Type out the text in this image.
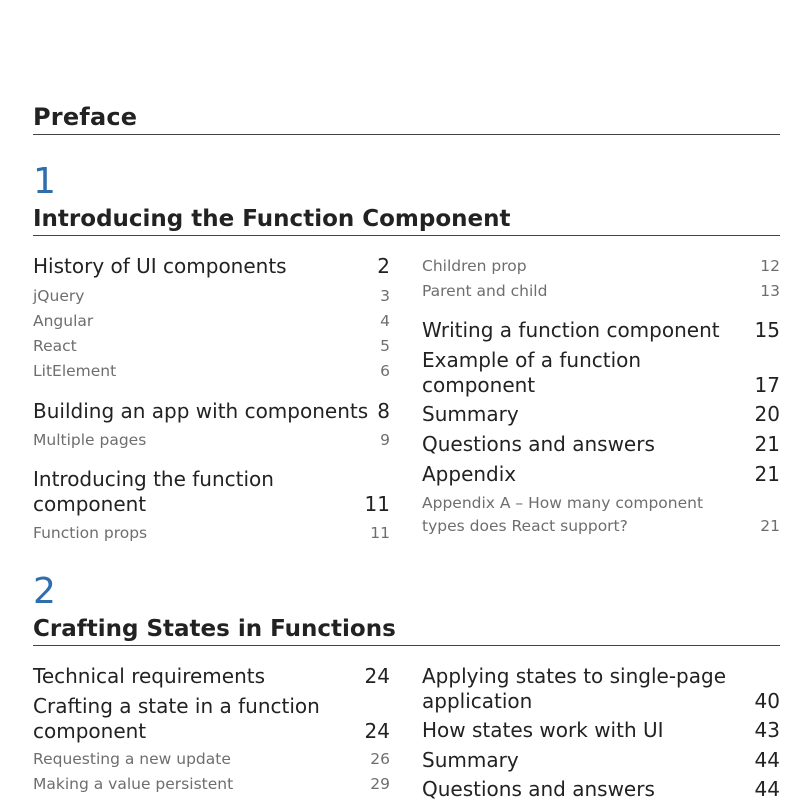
Preface
1
Introducing the Function Component
History of UI components	2
jQuery	3
Angular	4
React	5
LitElement	6
Building an app with components 8
Multiple pages	9
Introducing the function component	11
Function props	11
Children prop	12
Parent and child	13
Writing a function component 15
Example of a function component	17
Summary	20
Questions and answers	21
Appendix	21
Appendix A – How many component types does React support?	21
2
Crafting States in Functions
Technical requirements	24
Crafting a state in a function component	24
Requesting a new update	26
Making a value persistent	29
Applying states to single-page application	40
How states work with UI	43
Summary	44
Questions and answers	44
